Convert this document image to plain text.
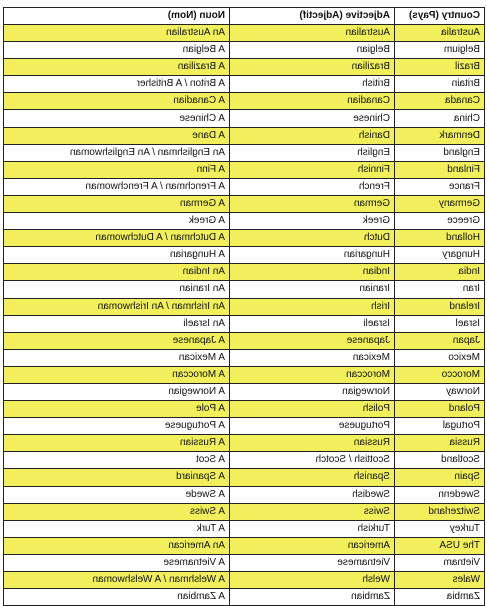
Country (Pays)	Adjective (Adjectif)	Noun (Nom)
Australia	Australian	An Australian
Belgium	Belgian	A Belgian
Brazil	Brazilian	A Brazilian
Britain	British	A Briton / A Britisher
Canada	Canadian	A Canadian
China	Chinese	A Chinese
Denmark	Danish	A Dane
England	English	An Englishman / An Englishwoman
Finland	Finnish	A Finn
France	French	A Frenchman / A Frenchwoman
Germany	German	A German
Greece	Greek	A Greek
Holland	Dutch	A Dutchman / A Dutchwoman
Hungary	Hungarian	A Hungarian
India	Indian	An Indian
Iran	Iranian	An Iranian
Ireland	Irish	An Irishman / An Irishwoman
Israel	Israeli	An Israeli
Japan	Japanese	A Japanese
Mexico	Mexican	A Mexican
Morocco	Moroccan	A Moroccan
Norway	Norwegian	A Norwegian
Poland	Polish	A Pole
Portugal	Portuguese	A Portuguese
Russia	Russian	A Russian
Scotland	Scottish / Scotch	A Scot
Spain	Spanish	A Spaniard
Swedenn	Swedish	A Swede
Switzerland	Swiss	A Swiss
Turkey	Turkish	A Turk
The USA	American	An American
Vietnam	Vietnamese	A Vietnamese
Wales	Welsh	A Welshman / A Welshwoman
Zambia	Zambian	A Zambian
